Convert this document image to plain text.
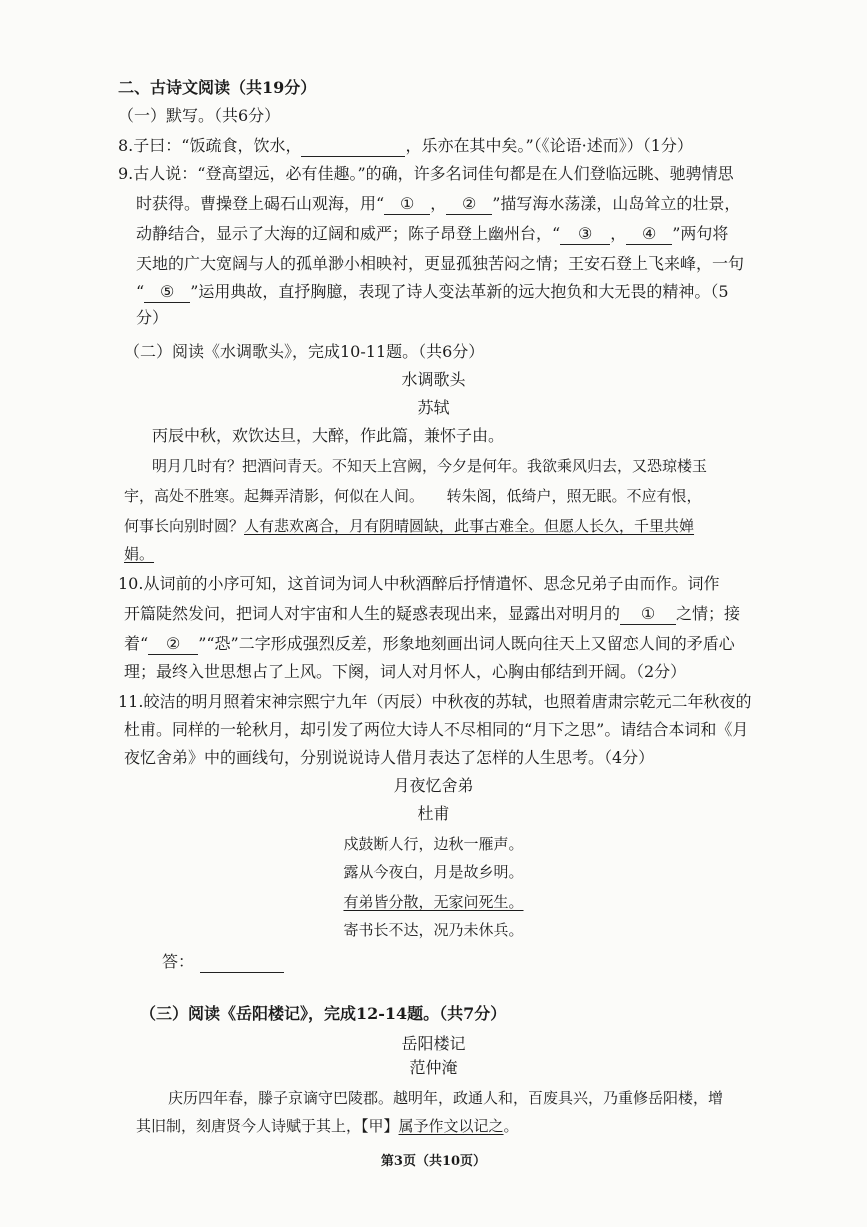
二、古诗文阅读（共19分）
（一）默写。（共6分）
8.子曰：“饭疏食，饮水，	，乐亦在其中矣。”（《论语·述而》）（1分）
9.古人说：“登高望远，必有佳趣。”的确，许多名词佳句都是在人们登临远眺、驰骋情思
时获得。曹操登上碣石山观海，用“ ① ， ② ”描写海水荡漾，山岛耸立的壮景，
动静结合，显示了大海的辽阔和威严；陈子昂登上幽州台，“ ③ ， ④ ”两句将
天地的广大宽阔与人的孤单渺小相映衬，更显孤独苦闷之情；王安石登上飞来峰，一句
“ ⑤ ”运用典故，直抒胸臆，表现了诗人变法革新的远大抱负和大无畏的精神。（5
分）
（二）阅读《水调歌头》，完成10-11题。（共6分）
水调歌头
苏轼
丙辰中秋，欢饮达旦，大醉，作此篇，兼怀子由。
明月几时有？把酒问青天。不知天上宫阙，今夕是何年。我欲乘风归去，又恐琼楼玉
宇，高处不胜寒。起舞弄清影，何似在人间。　　转朱阁，低绮户，照无眠。不应有恨，
何事长向别时圆？人有悲欢离合，月有阴晴圆缺，此事古难全。但愿人长久，千里共婵
娟。
10.从词前的小序可知，这首词为词人中秋酒醉后抒情遣怀、思念兄弟子由而作。词作
开篇陡然发问，把词人对宇宙和人生的疑惑表现出来，显露出对明月的 ① 之情；接
着“ ② ”“恐”二字形成强烈反差，形象地刻画出词人既向往天上又留恋人间的矛盾心
理；最终入世思想占了上风。下阕，词人对月怀人，心胸由郁结到开阔。（2分）
11.皎洁的明月照着宋神宗熙宁九年（丙辰）中秋夜的苏轼，也照着唐肃宗乾元二年秋夜的
杜甫。同样的一轮秋月，却引发了两位大诗人不尽相同的“月下之思”。请结合本词和《月
夜忆舍弟》中的画线句，分别说说诗人借月表达了怎样的人生思考。（4分）
月夜忆舍弟
杜甫
戍鼓断人行，边秋一雁声。
露从今夜白，月是故乡明。
有弟皆分散，无家问死生。
寄书长不达，况乃未休兵。
答：
（三）阅读《岳阳楼记》，完成12-14题。（共7分）
岳阳楼记
范仲淹
庆历四年春，滕子京谪守巴陵郡。越明年，政通人和，百废具兴，乃重修岳阳楼，增
其旧制，刻唐贤今人诗赋于其上，【甲】属予作文以记之。
第3页（共10页）
